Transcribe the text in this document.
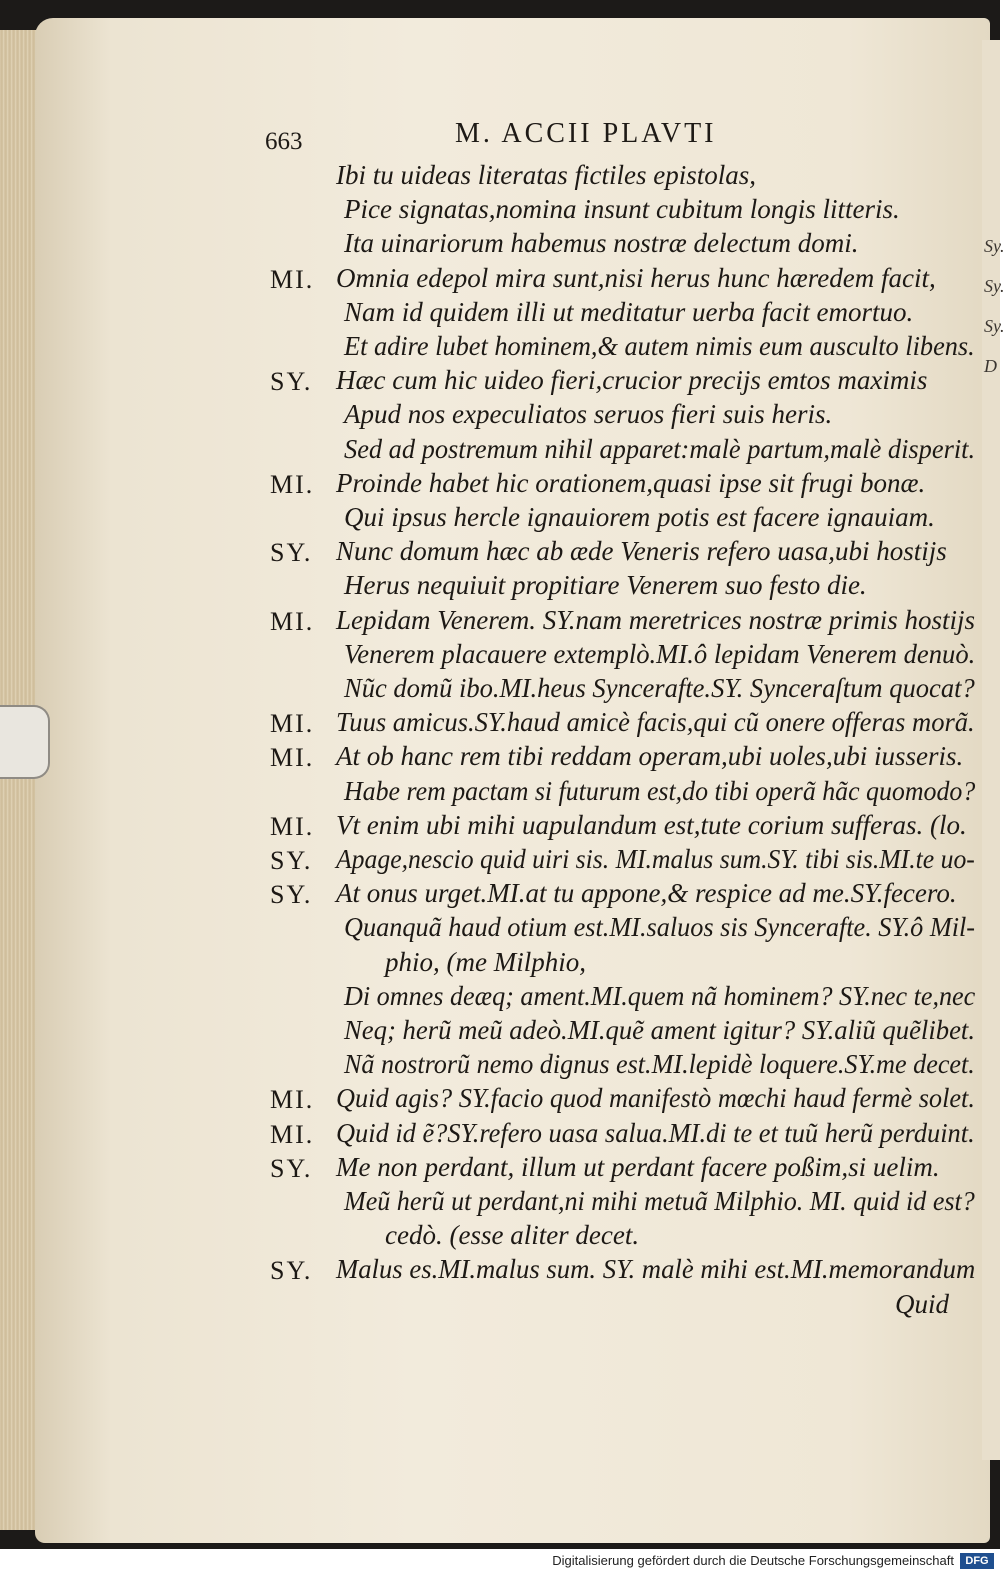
Sy.
Sy.
Sy.
D
663	M. ACCII PLAVTI
Ibi tu uideas literatas fictiles epistolas,
Pice signatas,nomina insunt cubitum longis litteris.
Ita uinariorum habemus nostræ delectum domi.
MI. Omnia edepol mira sunt,nisi herus hunc hæredem facit,
Nam id quidem illi ut meditatur uerba facit emortuo.
Et adire lubet hominem,& autem nimis eum ausculto libens.
SY. Hæc cum hic uideo fieri,crucior precijs emtos maximis
Apud nos expeculiatos seruos fieri suis heris.
Sed ad postremum nihil apparet:malè partum,malè disperit.
MI. Proinde habet hic orationem,quasi ipse sit frugi bonæ.
Qui ipsus hercle ignauiorem potis est facere ignauiam.
SY. Nunc domum hæc ab æde Veneris refero uasa,ubi hostijs
Herus nequiuit propitiare Venerem suo festo die.
MI. Lepidam Venerem. SY.nam meretrices nostræ primis hostijs
Venerem placauere extemplò.MI.ô lepidam Venerem denuò.
Nũc domũ ibo.MI.heus Syncerafte.SY. Synceraſtum quocat?
MI. Tuus amicus.SY.haud amicè facis,qui cũ onere offeras morã.
MI. At ob hanc rem tibi reddam operam,ubi uoles,ubi iusseris.
Habe rem pactam si futurum est,do tibi operã hãc quomodo?
MI. Vt enim ubi mihi uapulandum est,tute corium sufferas. (lo.
SY. Apage,nescio quid uiri sis. MI.malus sum.SY. tibi sis.MI.te uo-
SY. At onus urget.MI.at tu appone,& respice ad me.SY.fecero.
Quanquã haud otium est.MI.saluos sis Syncerafte. SY.ô Mil-
phio, (me Milphio,
Di omnes deæq; ament.MI.quem nã hominem? SY.nec te,nec
Neq; herũ meũ adeò.MI.quẽ ament igitur? SY.aliũ quẽlibet.
Nã nostrorũ nemo dignus est.MI.lepidè loquere.SY.me decet.
MI. Quid agis? SY.facio quod manifestò mœchi haud fermè solet.
MI. Quid id ẽ?SY.refero uasa salua.MI.di te et tuũ herũ perduint.
SY. Me non perdant, illum ut perdant facere poßim,si uelim.
Meũ herũ ut perdant,ni mihi metuã Milphio. MI. quid id est?
cedò. (esse aliter decet.
SY. Malus es.MI.malus sum. SY. malè mihi est.MI.memorandum
Quid
Digitalisierung gefördert durch die Deutsche Forschungsgemeinschaft	DFG
